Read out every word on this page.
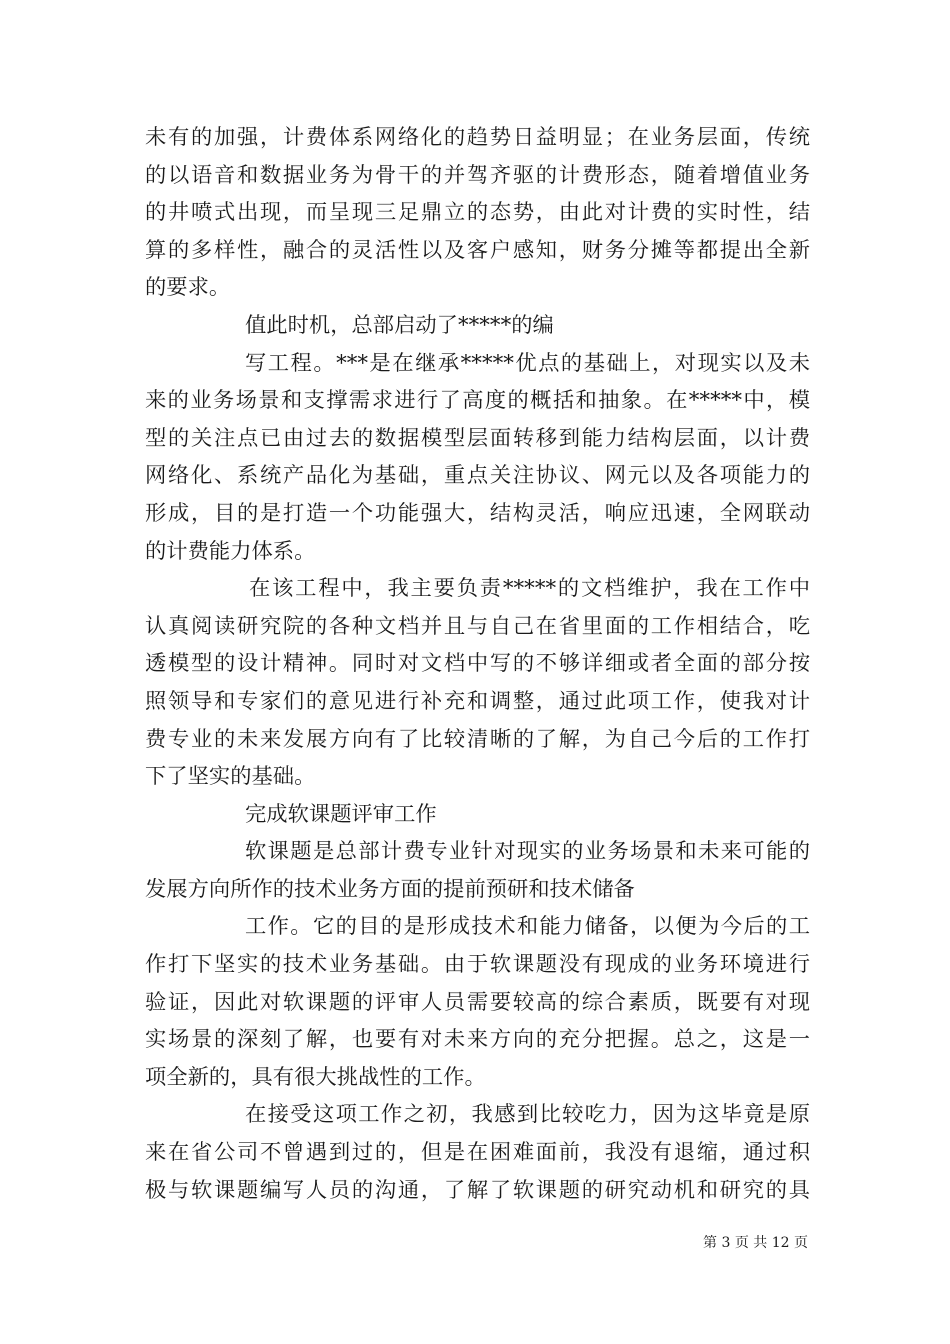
未有的加强，计费体系网络化的趋势日益明显；在业务层面，传统
的以语音和数据业务为骨干的并驾齐驱的计费形态，随着增值业务
的井喷式出现，而呈现三足鼎立的态势，由此对计费的实时性，结
算的多样性，融合的灵活性以及客户感知，财务分摊等都提出全新
的要求。
值此时机，总部启动了*****的编
写工程。***是在继承*****优点的基础上，对现实以及未
来的业务场景和支撑需求进行了高度的概括和抽象。在*****中，模
型的关注点已由过去的数据模型层面转移到能力结构层面，以计费
网络化、系统产品化为基础，重点关注协议、网元以及各项能力的
形成，目的是打造一个功能强大，结构灵活，响应迅速，全网联动
的计费能力体系。
在该工程中，我主要负责*****的文档维护，我在工作中
认真阅读研究院的各种文档并且与自己在省里面的工作相结合，吃
透模型的设计精神。同时对文档中写的不够详细或者全面的部分按
照领导和专家们的意见进行补充和调整，通过此项工作，使我对计
费专业的未来发展方向有了比较清晰的了解，为自己今后的工作打
下了坚实的基础。
完成软课题评审工作
软课题是总部计费专业针对现实的业务场景和未来可能的
发展方向所作的技术业务方面的提前预研和技术储备
工作。它的目的是形成技术和能力储备，以便为今后的工
作打下坚实的技术业务基础。由于软课题没有现成的业务环境进行
验证，因此对软课题的评审人员需要较高的综合素质，既要有对现
实场景的深刻了解，也要有对未来方向的充分把握。总之，这是一
项全新的，具有很大挑战性的工作。
在接受这项工作之初，我感到比较吃力，因为这毕竟是原
来在省公司不曾遇到过的，但是在困难面前，我没有退缩，通过积
极与软课题编写人员的沟通，了解了软课题的研究动机和研究的具
第 3 页 共 12 页
